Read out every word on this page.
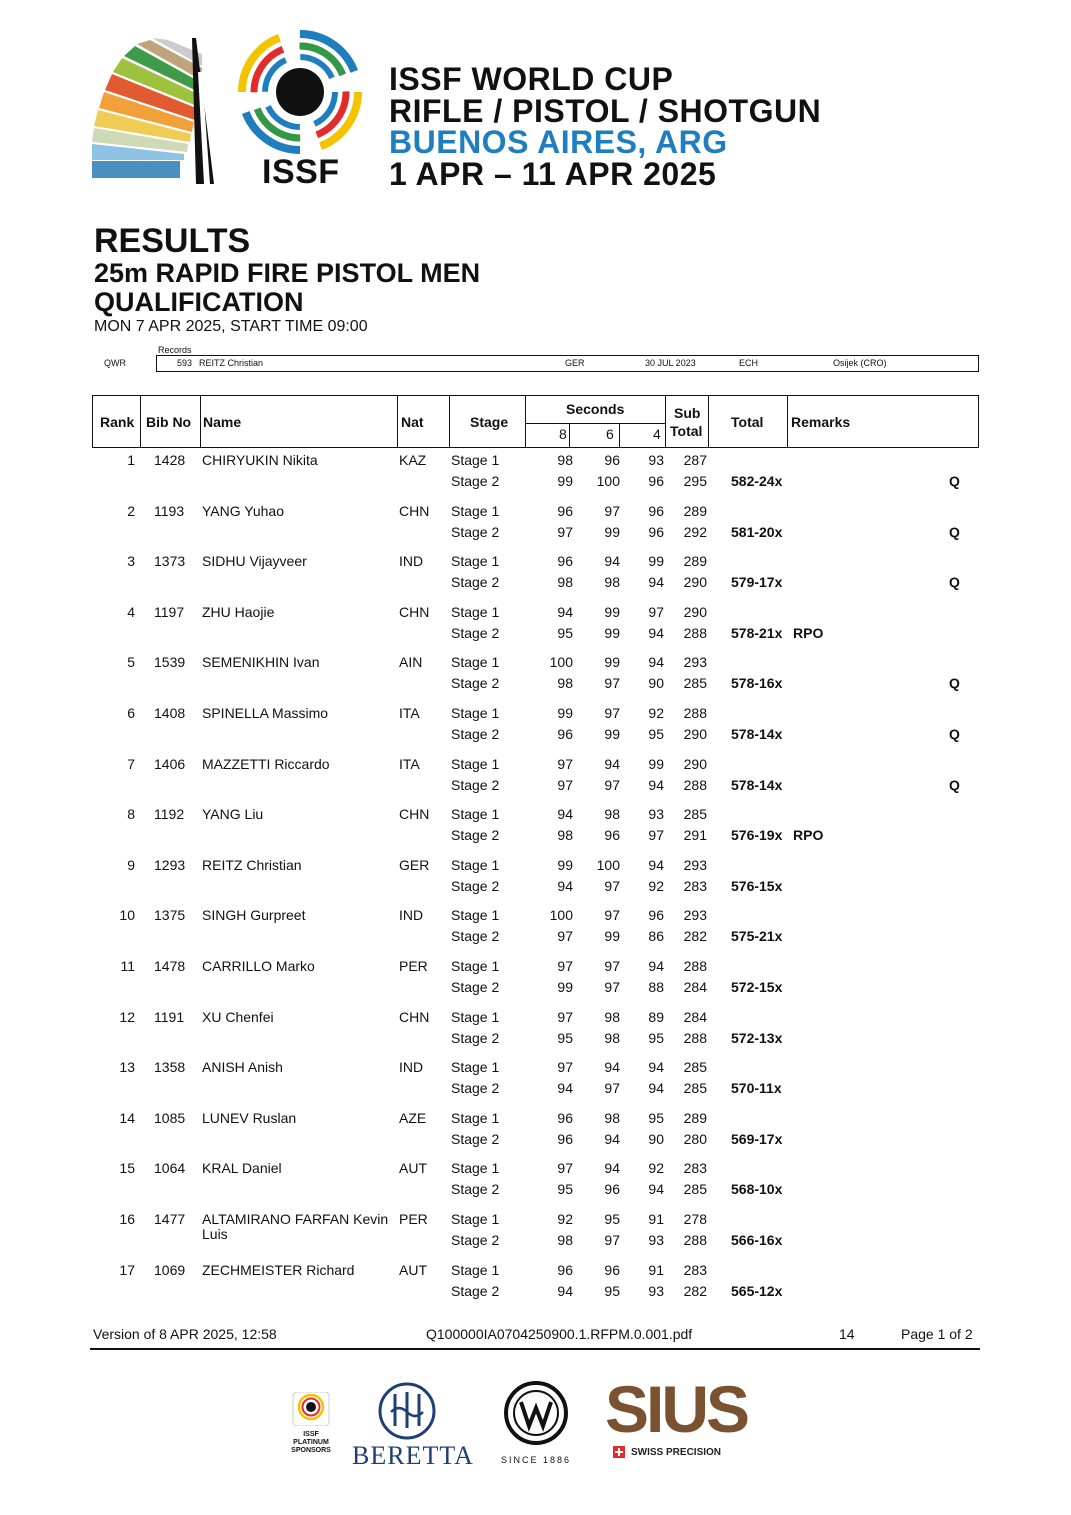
ISSF
ISSF WORLD CUP
RIFLE / PISTOL / SHOTGUN
BUENOS AIRES, ARG
1 APR – 11 APR 2025
RESULTS
25m RAPID FIRE PISTOL MEN
QUALIFICATION
MON 7 APR 2025, START TIME 09:00
Records
QWR	593 REITZ Christian	GER	30 JUL 2023	ECH	Osijek (CRO)
Rank Bib No Name	Nat	Stage
Seconds
8	6	4
Sub
Total
Total Remarks
1 1428 CHIRYUKIN Nikita	KAZ Stage 1	98 96 93 287
Stage 2	99 100 96 295 582-24x	Q
2 1193 YANG Yuhao	CHN Stage 1	96 97 96 289
Stage 2	97 99 96 292 581-20x	Q
3 1373 SIDHU Vijayveer	IND Stage 1	96 94 99 289
Stage 2	98 98 94 290 579-17x	Q
4 1197 ZHU Haojie	CHN Stage 1	94 99 97 290
Stage 2	95 99 94 288 578-21x RPO
5 1539 SEMENIKHIN Ivan	AIN Stage 1	100 99 94 293
Stage 2	98 97 90 285 578-16x	Q
6 1408 SPINELLA Massimo	ITA Stage 1	99 97 92 288
Stage 2	96 99 95 290 578-14x	Q
7 1406 MAZZETTI Riccardo	ITA Stage 1	97 94 99 290
Stage 2	97 97 94 288 578-14x	Q
8 1192 YANG Liu	CHN Stage 1	94 98 93 285
Stage 2	98 96 97 291 576-19x RPO
9 1293 REITZ Christian	GER Stage 1	99 100 94 293
Stage 2	94 97 92 283 576-15x
10 1375 SINGH Gurpreet	IND Stage 1	100 97 96 293
Stage 2	97 99 86 282 575-21x
11 1478 CARRILLO Marko	PER Stage 1	97 97 94 288
Stage 2	99 97 88 284 572-15x
12 1191 XU Chenfei	CHN Stage 1	97 98 89 284
Stage 2	95 98 95 288 572-13x
13 1358 ANISH Anish	IND Stage 1	97 94 94 285
Stage 2	94 97 94 285 570-11x
14 1085 LUNEV Ruslan	AZE Stage 1	96 98 95 289
Stage 2	96 94 90 280 569-17x
15 1064 KRAL Daniel	AUT Stage 1	97 94 92 283
Stage 2	95 96 94 285 568-10x
16 1477 ALTAMIRANO FARFAN Kevin PER Stage 1	92 95 91 278
Stage 2	98 97 93 288 566-16x
Luis
17 1069 ZECHMEISTER Richard	AUT Stage 1	96 96 91 283
Stage 2	94 95 93 282 565-12x
Version of 8 APR 2025, 12:58	Q100000IA0704250900.1.RFPM.0.001.pdf	14	Page 1 of 2
ISSF
PLATINUM
SPONSORS BERETTA	SINCE 1886
SIUS
SWISS PRECISION
